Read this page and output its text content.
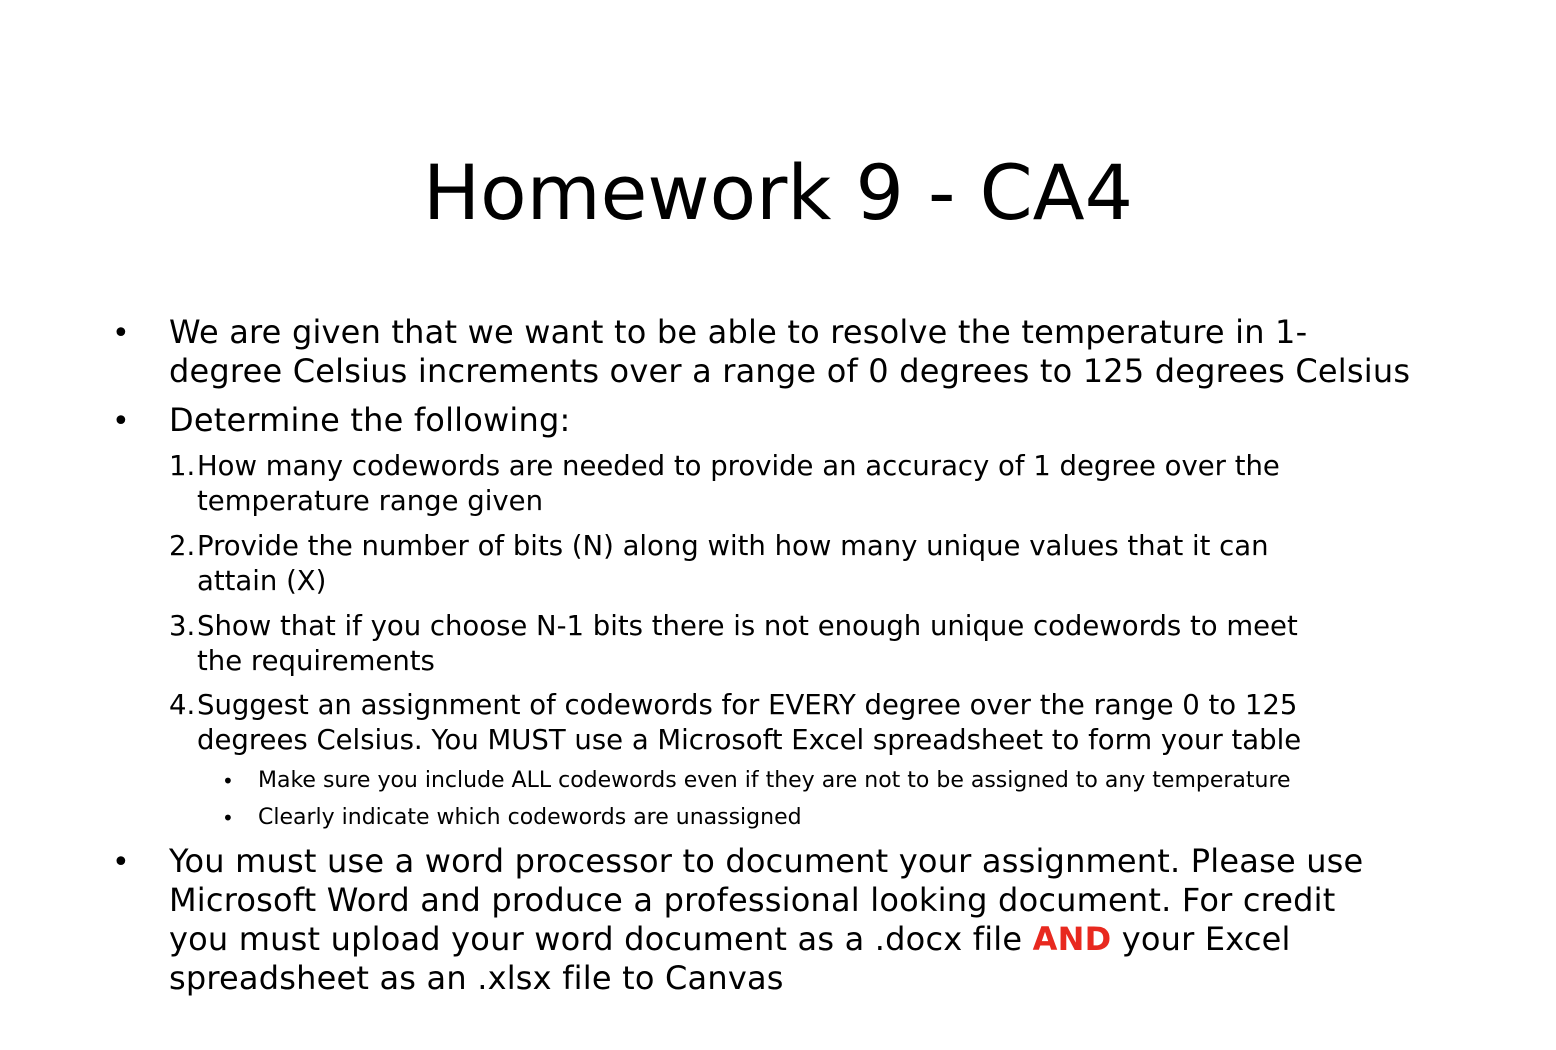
Homework 9 - CA4
• We are given that we want to be able to resolve the temperature in 1-
degree Celsius increments over a range of 0 degrees to 125 degrees Celsius
• Determine the following:
1. How many codewords are needed to provide an accuracy of 1 degree over the
temperature range given
2. Provide the number of bits (N) along with how many unique values that it can
attain (X)
3. Show that if you choose N-1 bits there is not enough unique codewords to meet
the requirements
4. Suggest an assignment of codewords for EVERY degree over the range 0 to 125
degrees Celsius. You MUST use a Microsoft Excel spreadsheet to form your table
• Make sure you include ALL codewords even if they are not to be assigned to any temperature
• Clearly indicate which codewords are unassigned
• You must use a word processor to document your assignment. Please use
Microsoft Word and produce a professional looking document. For credit
you must upload your word document as a .docx file AND your Excel
spreadsheet as an .xlsx file to Canvas
